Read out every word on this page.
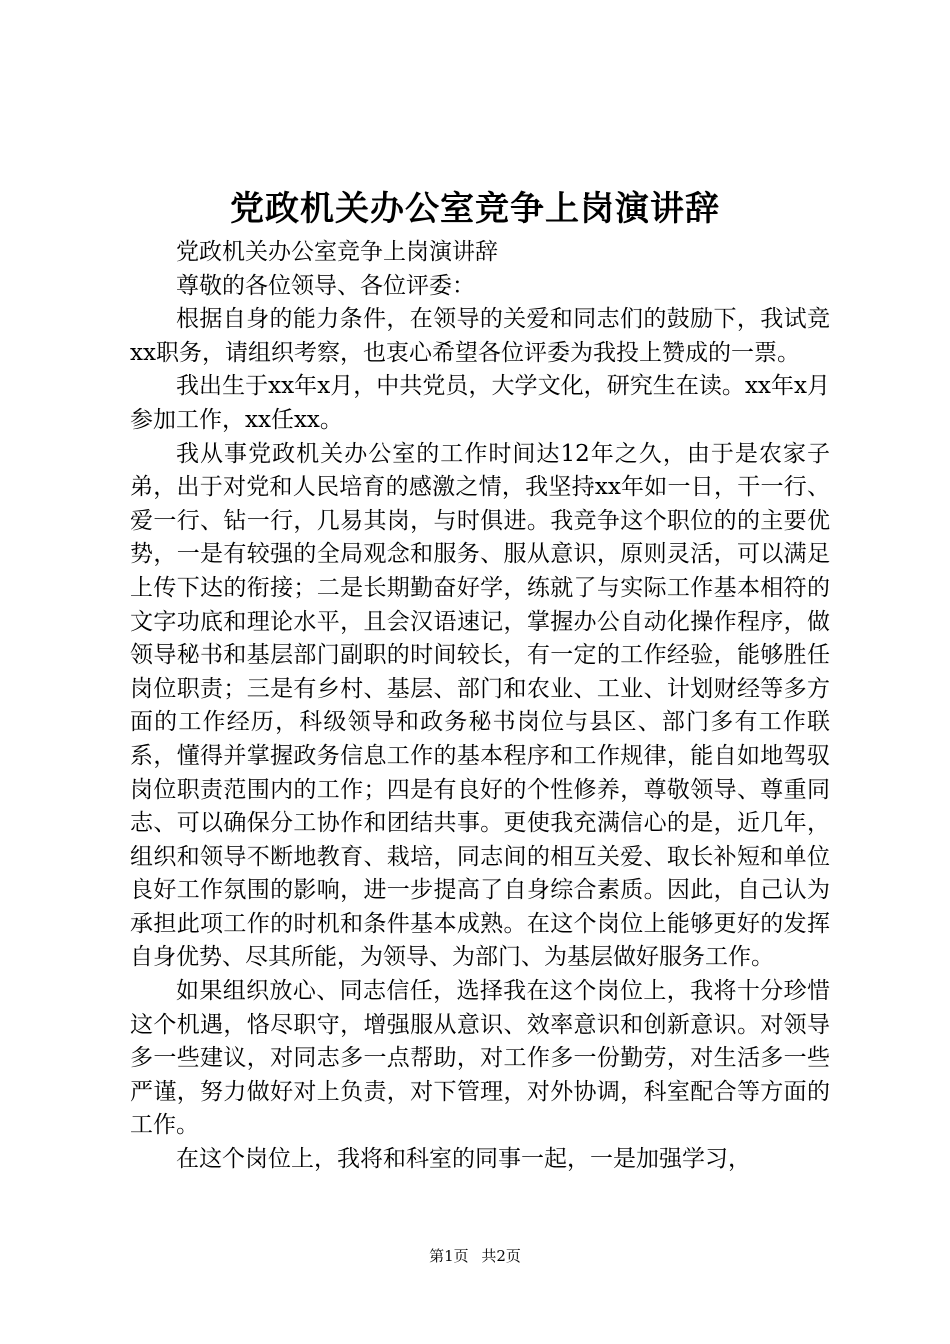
党政机关办公室竞争上岗演讲辞

党政机关办公室竞争上岗演讲辞

尊敬的各位领导、各位评委：

根据自身的能力条件，在领导的关爱和同志们的鼓励下，我试竞xx职务，请组织考察，也衷心希望各位评委为我投上赞成的一票。

我出生于xx年x月，中共党员，大学文化，研究生在读。xx年x月参加工作，xx任xx。

我从事党政机关办公室的工作时间达12年之久，由于是农家子弟，出于对党和人民培育的感激之情，我坚持xx年如一日，干一行、爱一行、钻一行，几易其岗，与时俱进。我竞争这个职位的的主要优势，一是有较强的全局观念和服务、服从意识，原则灵活，可以满足上传下达的衔接；二是长期勤奋好学，练就了与实际工作基本相符的文字功底和理论水平，且会汉语速记，掌握办公自动化操作程序，做领导秘书和基层部门副职的时间较长，有一定的工作经验，能够胜任岗位职责；三是有乡村、基层、部门和农业、工业、计划财经等多方面的工作经历，科级领导和政务秘书岗位与县区、部门多有工作联系，懂得并掌握政务信息工作的基本程序和工作规律，能自如地驾驭岗位职责范围内的工作；四是有良好的个性修养，尊敬领导、尊重同志、可以确保分工协作和团结共事。更使我充满信心的是，近几年，组织和领导不断地教育、栽培，同志间的相互关爱、取长补短和单位良好工作氛围的影响，进一步提高了自身综合素质。因此，自己认为承担此项工作的时机和条件基本成熟。在这个岗位上能够更好的发挥自身优势、尽其所能，为领导、为部门、为基层做好服务工作。

如果组织放心、同志信任，选择我在这个岗位上，我将十分珍惜这个机遇，恪尽职守，增强服从意识、效率意识和创新意识。对领导多一些建议，对同志多一点帮助，对工作多一份勤劳，对生活多一些严谨，努力做好对上负责，对下管理，对外协调，科室配合等方面的工作。

在这个岗位上，我将和科室的同事一起，一是加强学习，

第1页 共2页
